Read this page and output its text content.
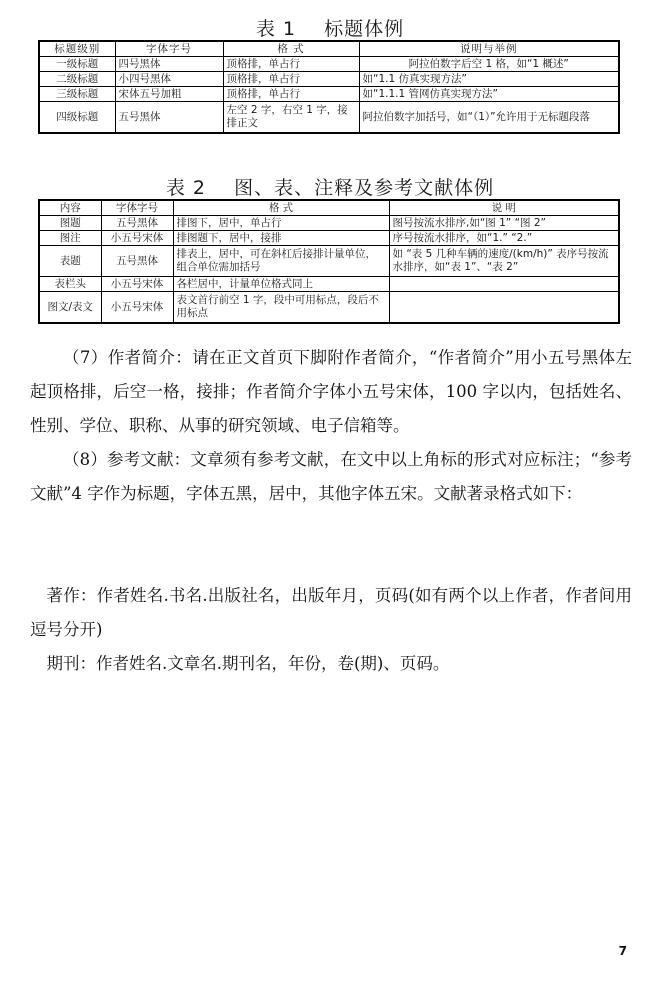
表 1    标题体例
标题级别	字体字号	格 式	说明与举例
一级标题	四号黑体	顶格排，单占行	阿拉伯数字后空 1 格，如“1 概述”
二级标题	小四号黑体	顶格排，单占行	如“1.1 仿真实现方法”
三级标题	宋体五号加粗	顶格排，单占行	如“1.1.1 管网仿真实现方法”
四级标题	五号黑体	左空 2 字，右空 1 字，接排正文	阿拉伯数字加括号，如“（1）”允许用于无标题段落
表 2    图、表、注释及参考文献体例
内容	字体字号	格 式	说 明
图题	五号黑体	排图下，居中，单占行	图号按流水排序,如“图 1” “图 2”
图注	小五号宋体	排图题下，居中，接排	序号按流水排序，如“1.” “2.”
表题	五号黑体	排表上，居中，可在斜杠后接排计量单位，组合单位需加括号	如 “表 5 几种车辆的速度/(km/h)” 表序号按流水排序，如“表 1”、“表 2”
表栏头	小五号宋体	各栏居中，计量单位格式同上	
图文/表文	小五号宋体	表文首行前空 1 字，段中可用标点，段后不用标点	

（7）作者简介：请在正文首页下脚附作者简介，“作者简介”用小五号黑体左起顶格排，后空一格，接排；作者简介字体小五号宋体，100 字以内，包括姓名、性别、学位、职称、从事的研究领域、电子信箱等。

（8）参考文献：文章须有参考文献，在文中以上角标的形式对应标注；“参考文献”4 字作为标题，字体五黑，居中，其他字体五宋。文献著录格式如下：

著作：作者姓名.书名.出版社名，出版年月，页码(如有两个以上作者，作者间用逗号分开)

期刊：作者姓名.文章名.期刊名，年份，卷(期)、页码。

7
